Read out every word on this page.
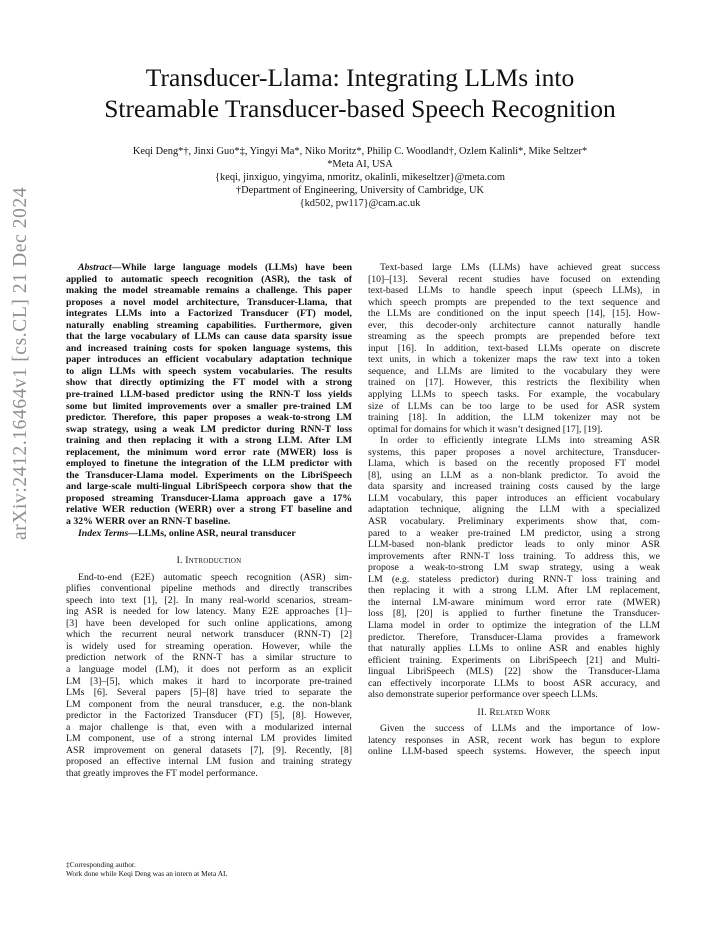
Transducer-Llama: Integrating LLMs into
Streamable Transducer-based Speech Recognition
Keqi Deng*†, Jinxi Guo*‡, Yingyi Ma*, Niko Moritz*, Philip C. Woodland†, Ozlem Kalinli*, Mike Seltzer*
*Meta AI, USA
{keqi, jinxiguo, yingyima, nmoritz, okalinli, mikeseltzer}@meta.com
†Department of Engineering, University of Cambridge, UK
{kd502, pw117}@cam.ac.uk
arXiv:2412.16464v1 [cs.CL] 21 Dec 2024	Abstract—While large language models (LLMs) have been
applied to automatic speech recognition (ASR), the task of
making the model streamable remains a challenge. This paper
proposes a novel model architecture, Transducer-Llama, that
integrates LLMs into a Factorized Transducer (FT) model,
naturally enabling streaming capabilities. Furthermore, given
that the large vocabulary of LLMs can cause data sparsity issue
and increased training costs for spoken language systems, this
paper introduces an efficient vocabulary adaptation technique
to align LLMs with speech system vocabularies. The results
show that directly optimizing the FT model with a strong
pre-trained LLM-based predictor using the RNN-T loss yields
some but limited improvements over a smaller pre-trained LM
predictor. Therefore, this paper proposes a weak-to-strong LM
swap strategy, using a weak LM predictor during RNN-T loss
training and then replacing it with a strong LLM. After LM
replacement, the minimum word error rate (MWER) loss is
employed to finetune the integration of the LLM predictor with
the Transducer-Llama model. Experiments on the LibriSpeech
and large-scale multi-lingual LibriSpeech corpora show that the
proposed streaming Transducer-Llama approach gave a 17%
relative WER reduction (WERR) over a strong FT baseline and
a 32% WERR over an RNN-T baseline.

Index Terms—LLMs, online ASR, neural transducer

I. Introduction

End-to-end (E2E) automatic speech recognition (ASR) sim-
plifies conventional pipeline methods and directly transcribes
speech into text [1], [2]. In many real-world scenarios, stream-
ing ASR is needed for low latency. Many E2E approaches [1]–
[3] have been developed for such online applications, among
which the recurrent neural network transducer (RNN-T) [2]
is widely used for streaming operation. However, while the
prediction network of the RNN-T has a similar structure to
a language model (LM), it does not perform as an explicit
LM [3]–[5], which makes it hard to incorporate pre-trained
LMs [6]. Several papers [5]–[8] have tried to separate the
LM component from the neural transducer, e.g. the non-blank
predictor in the Factorized Transducer (FT) [5], [8]. However,
a major challenge is that, even with a modularized internal
LM component, use of a strong internal LM provides limited
ASR improvement on general datasets [7], [9]. Recently, [8]
proposed an effective internal LM fusion and training strategy
that greatly improves the FT model performance.
‡Corresponding author.
Work done while Keqi Deng was an intern at Meta AI.
Text-based large LMs (LLMs) have achieved great success
[10]–[13]. Several recent studies have focused on extending
text-based LLMs to handle speech input (speech LLMs), in
which speech prompts are prepended to the text sequence and
the LLMs are conditioned on the input speech [14], [15]. How-
ever, this decoder-only architecture cannot naturally handle
streaming as the speech prompts are prepended before text
input [16]. In addition, text-based LLMs operate on discrete
text units, in which a tokenizer maps the raw text into a token
sequence, and LLMs are limited to the vocabulary they were
trained on [17]. However, this restricts the flexibility when
applying LLMs to speech tasks. For example, the vocabulary
size of LLMs can be too large to be used for ASR system
training [18]. In addition, the LLM tokenizer may not be
optimal for domains for which it wasn’t designed [17], [19].
In order to efficiently integrate LLMs into streaming ASR
systems, this paper proposes a novel architecture, Transducer-
Llama, which is based on the recently proposed FT model
[8], using an LLM as a non-blank predictor. To avoid the
data sparsity and increased training costs caused by the large
LLM vocabulary, this paper introduces an efficient vocabulary
adaptation technique, aligning the LLM with a specialized
ASR vocabulary. Preliminary experiments show that, com-
pared to a weaker pre-trained LM predictor, using a strong
LLM-based non-blank predictor leads to only minor ASR
improvements after RNN-T loss training. To address this, we
propose a weak-to-strong LM swap strategy, using a weak
LM (e.g. stateless predictor) during RNN-T loss training and
then replacing it with a strong LLM. After LM replacement,
the internal LM-aware minimum word error rate (MWER)
loss [8], [20] is applied to further finetune the Transducer-
Llama model in order to optimize the integration of the LLM
predictor. Therefore, Transducer-Llama provides a framework
that naturally applies LLMs to online ASR and enables highly
efficient training. Experiments on LibriSpeech [21] and Multi-
lingual LibriSpeech (MLS) [22] show the Transducer-Llama
can effectively incorporate LLMs to boost ASR accuracy, and
also demonstrate superior performance over speech LLMs.

II. Related Work

Given the success of LLMs and the importance of low-
latency responses in ASR, recent work has begun to explore
online LLM-based speech systems. However, the speech input
